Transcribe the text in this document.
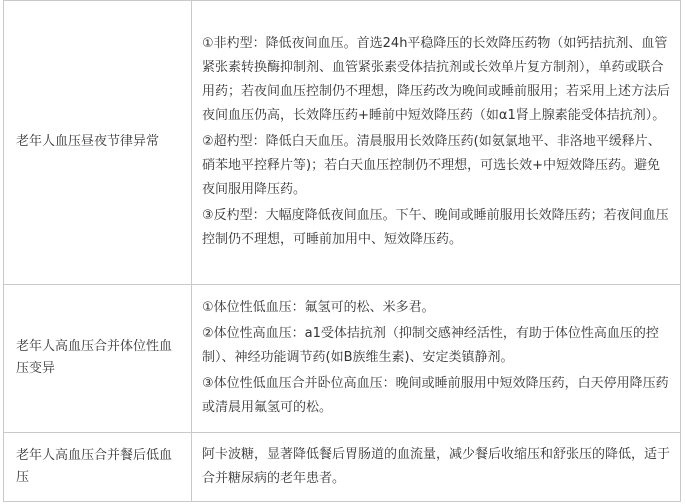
老年人血压昼夜节律异常	①非杓型：降低夜间血压。首选24h平稳降压的长效降压药物（如钙拮抗剂、血管紧张素转换酶抑制剂、血管紧张素受体拮抗剂或长效单片复方制剂），单药或联合用药；若夜间血压控制仍不理想，降压药改为晚间或睡前服用；若采用上述方法后夜间血压仍高，长效降压药+睡前中短效降压药（如α1肾上腺素能受体拮抗剂）。

②超杓型：降低白天血压。清晨服用长效降压药(如氨氯地平、非洛地平缓释片、硝苯地平控释片等)；若白天血压控制仍不理想，可选长效+中短效降压药。避免夜间服用降压药。

③反杓型：大幅度降低夜间血压。下午、晚间或睡前服用长效降压药；若夜间血压控制仍不理想，可睡前加用中、短效降压药。

老年人高血压合并体位性血压变异	①体位性低血压：氟氢可的松、米多君。

②体位性高血压：a1受体拮抗剂（抑制交感神经活性，有助于体位性高血压的控制）、神经功能调节药(如B族维生素)、安定类镇静剂。

③体位性低血压合并卧位高血压：晚间或睡前服用中短效降压药，白天停用降压药或清晨用氟氢可的松。

老年人高血压合并餐后低血压	阿卡波糖，显著降低餐后胃肠道的血流量，减少餐后收缩压和舒张压的降低，适于合并糖尿病的老年患者。
